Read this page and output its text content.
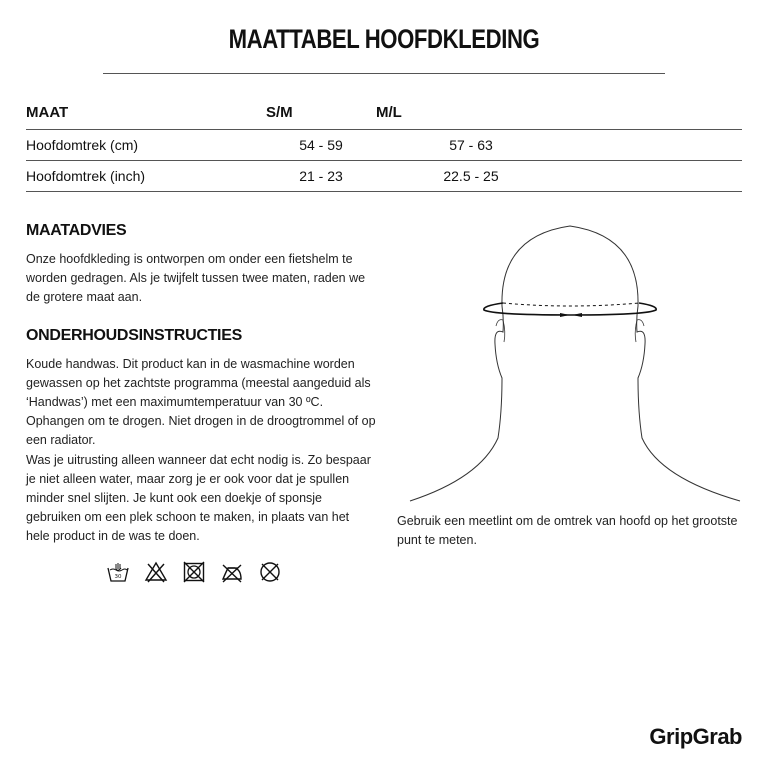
MAATTABEL HOOFDKLEDING
MAAT	S/M	M/L	
Hoofdomtrek (cm)	54 - 59	57 - 63	
Hoofdomtrek (inch)	21 - 23	22.5 - 25	
MAATADVIES
Onze hoofdkleding is ontworpen om onder een fietshelm te worden gedragen. Als je twijfelt tussen twee maten, raden we de grotere maat aan.
ONDERHOUDSINSTRUCTIES
Koude handwas. Dit product kan in de wasmachine worden gewassen op het zachtste programma (meestal aangeduid als ‘Handwas’) met een maximumtemperatuur van 30 ºC. Ophangen om te drogen. Niet drogen in de droogtrommel of op een radiator.
Was je uitrusting alleen wanneer dat echt nodig is. Zo bespaar je niet alleen water, maar zorg je er ook voor dat je spullen minder snel slijten. Je kunt ook een doekje of sponsje gebruiken om een plek schoon te maken, in plaats van het hele product in de was te doen.
30
Gebruik een meetlint om de omtrek van hoofd op het grootste punt te meten.
GripGrab
